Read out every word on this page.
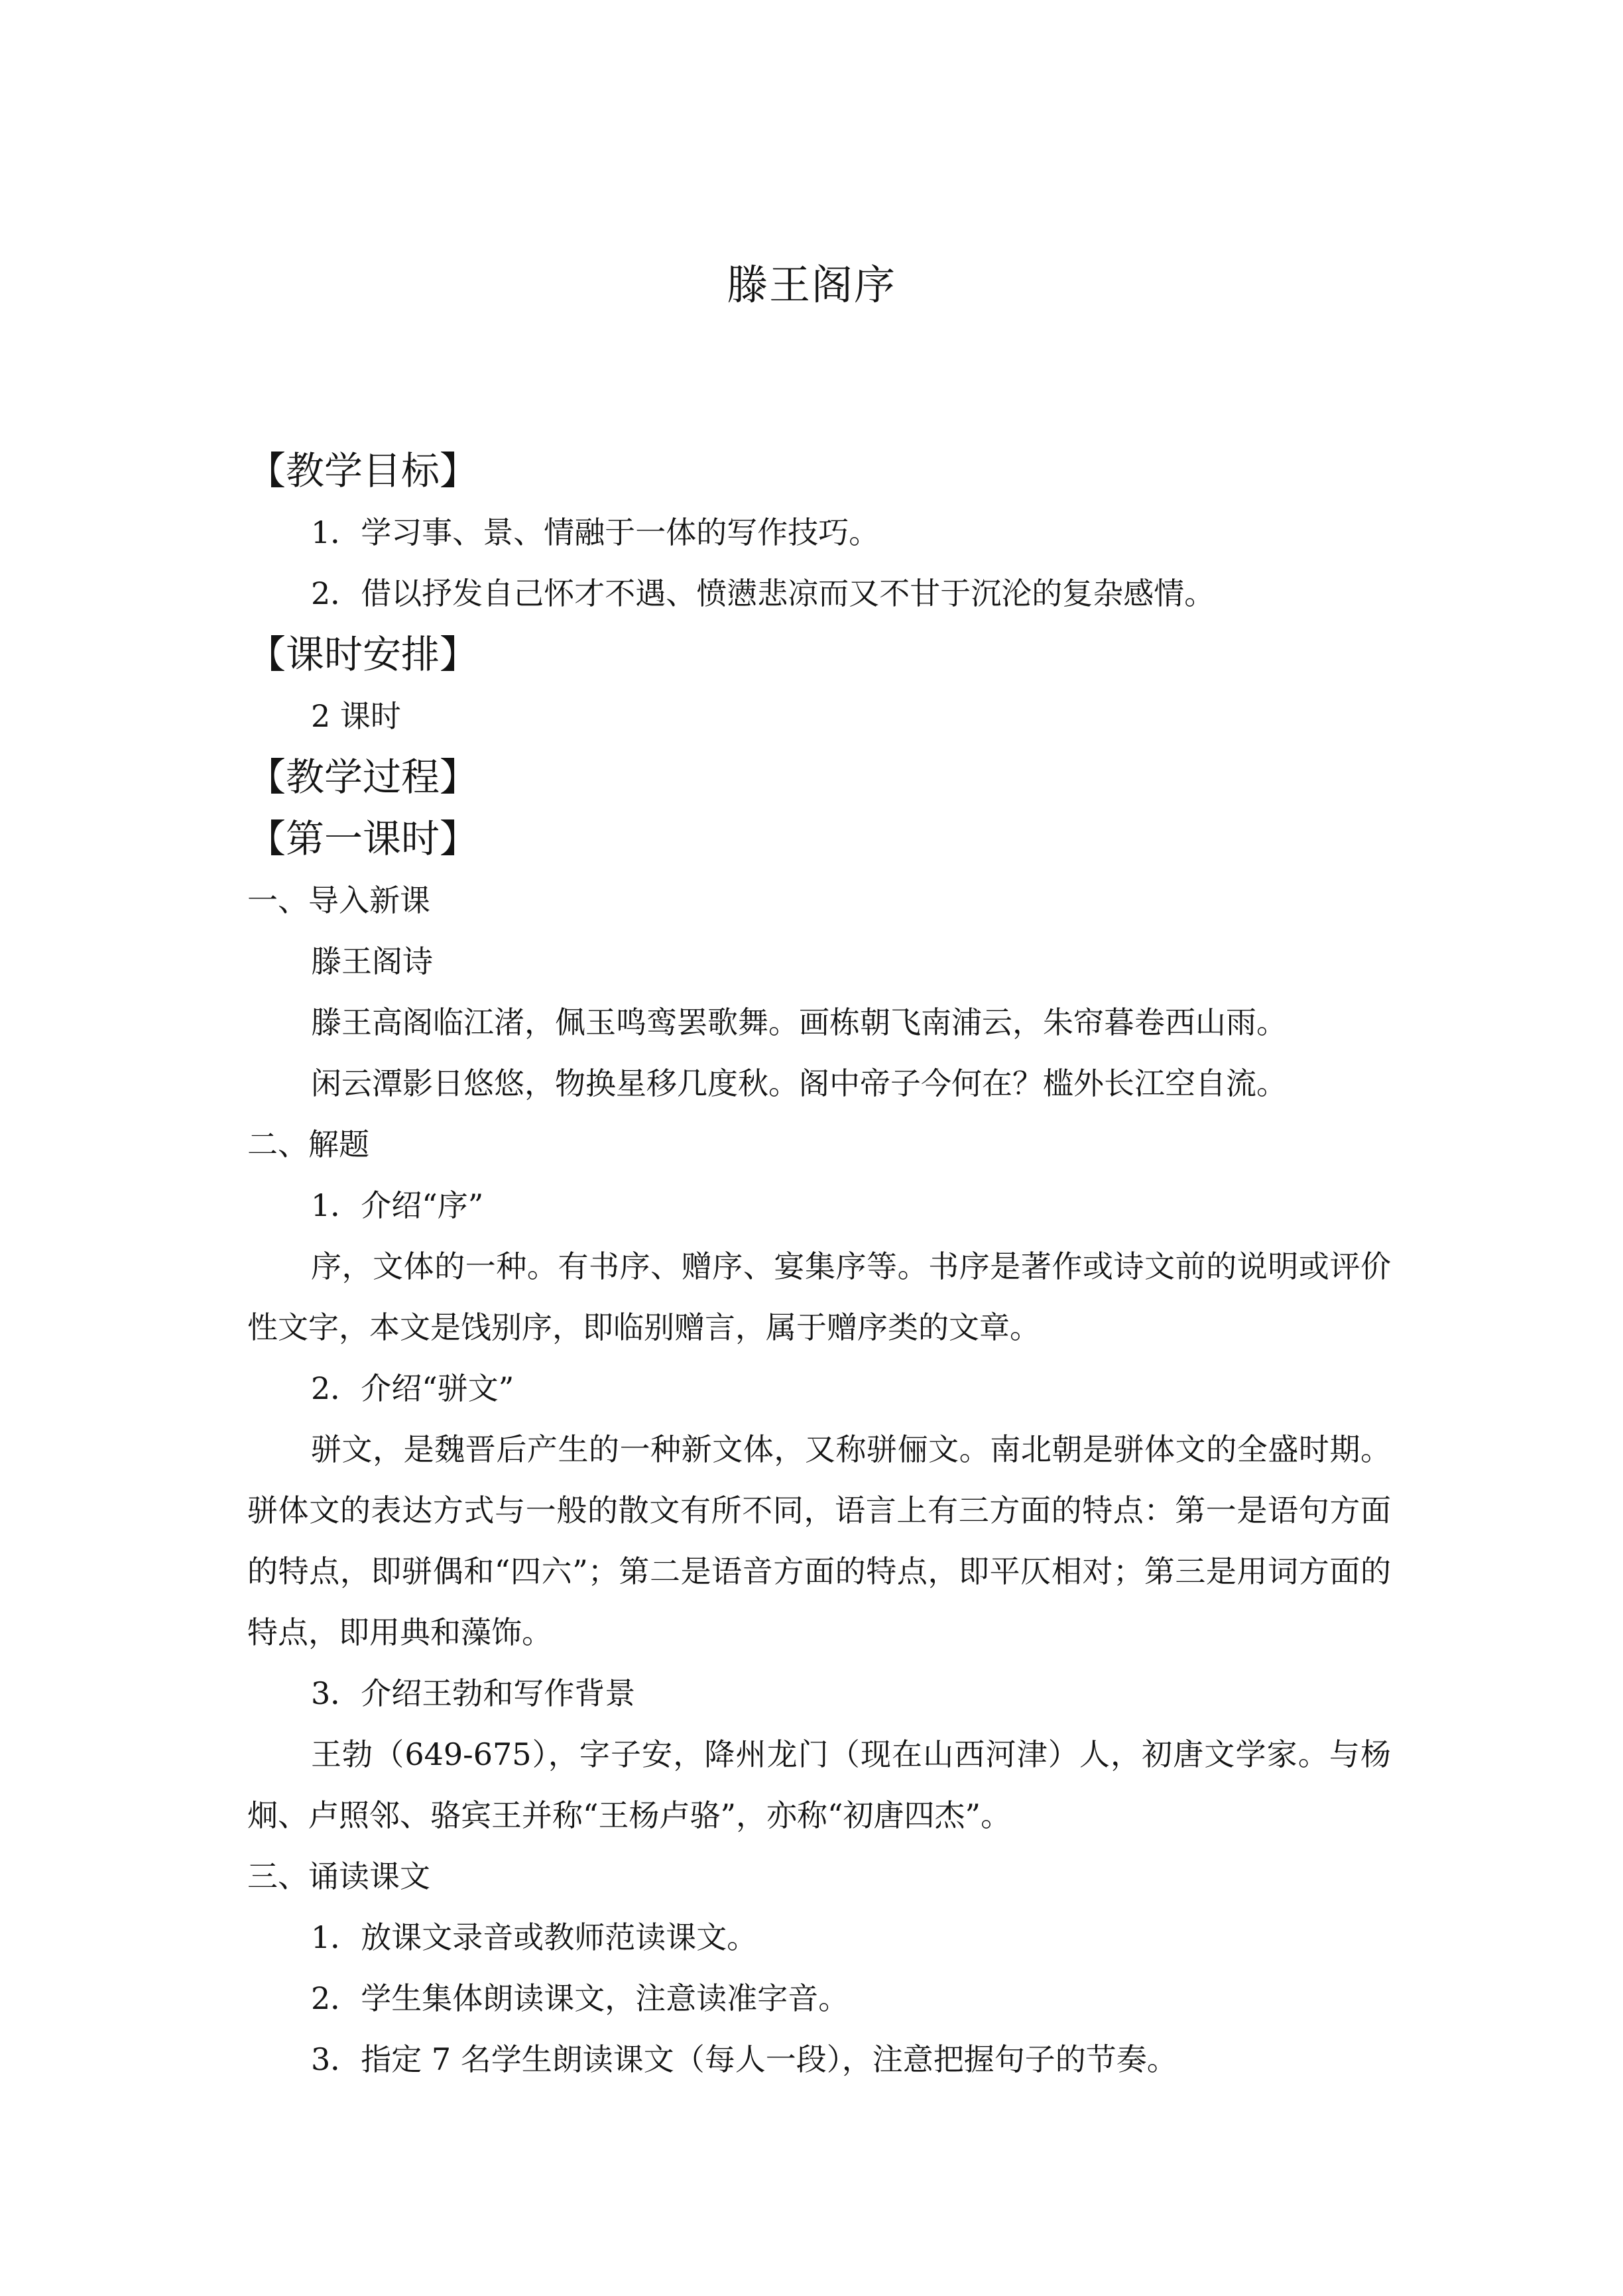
滕王阁序
【教学目标】
1．学习事、景、情融于一体的写作技巧。
2．借以抒发自己怀才不遇、愤懑悲凉而又不甘于沉沦的复杂感情。
【课时安排】
2 课时
【教学过程】
【第一课时】
一、导入新课
滕王阁诗
滕王高阁临江渚，佩玉鸣鸾罢歌舞。画栋朝飞南浦云，朱帘暮卷西山雨。
闲云潭影日悠悠，物换星移几度秋。阁中帝子今何在？槛外长江空自流。
二、解题
1．介绍“序”
序，文体的一种。有书序、赠序、宴集序等。书序是著作或诗文前的说明或评价性文字，本文是饯别序，即临别赠言，属于赠序类的文章。
2．介绍“骈文”
骈文，是魏晋后产生的一种新文体，又称骈俪文。南北朝是骈体文的全盛时期。骈体文的表达方式与一般的散文有所不同，语言上有三方面的特点：第一是语句方面的特点，即骈偶和“四六”；第二是语音方面的特点，即平仄相对；第三是用词方面的特点，即用典和藻饰。
3．介绍王勃和写作背景
王勃（649-675），字子安，降州龙门（现在山西河津）人，初唐文学家。与杨炯、卢照邻、骆宾王并称“王杨卢骆”，亦称“初唐四杰”。
三、诵读课文
1．放课文录音或教师范读课文。
2．学生集体朗读课文，注意读准字音。
3．指定 7 名学生朗读课文（每人一段），注意把握句子的节奏。
